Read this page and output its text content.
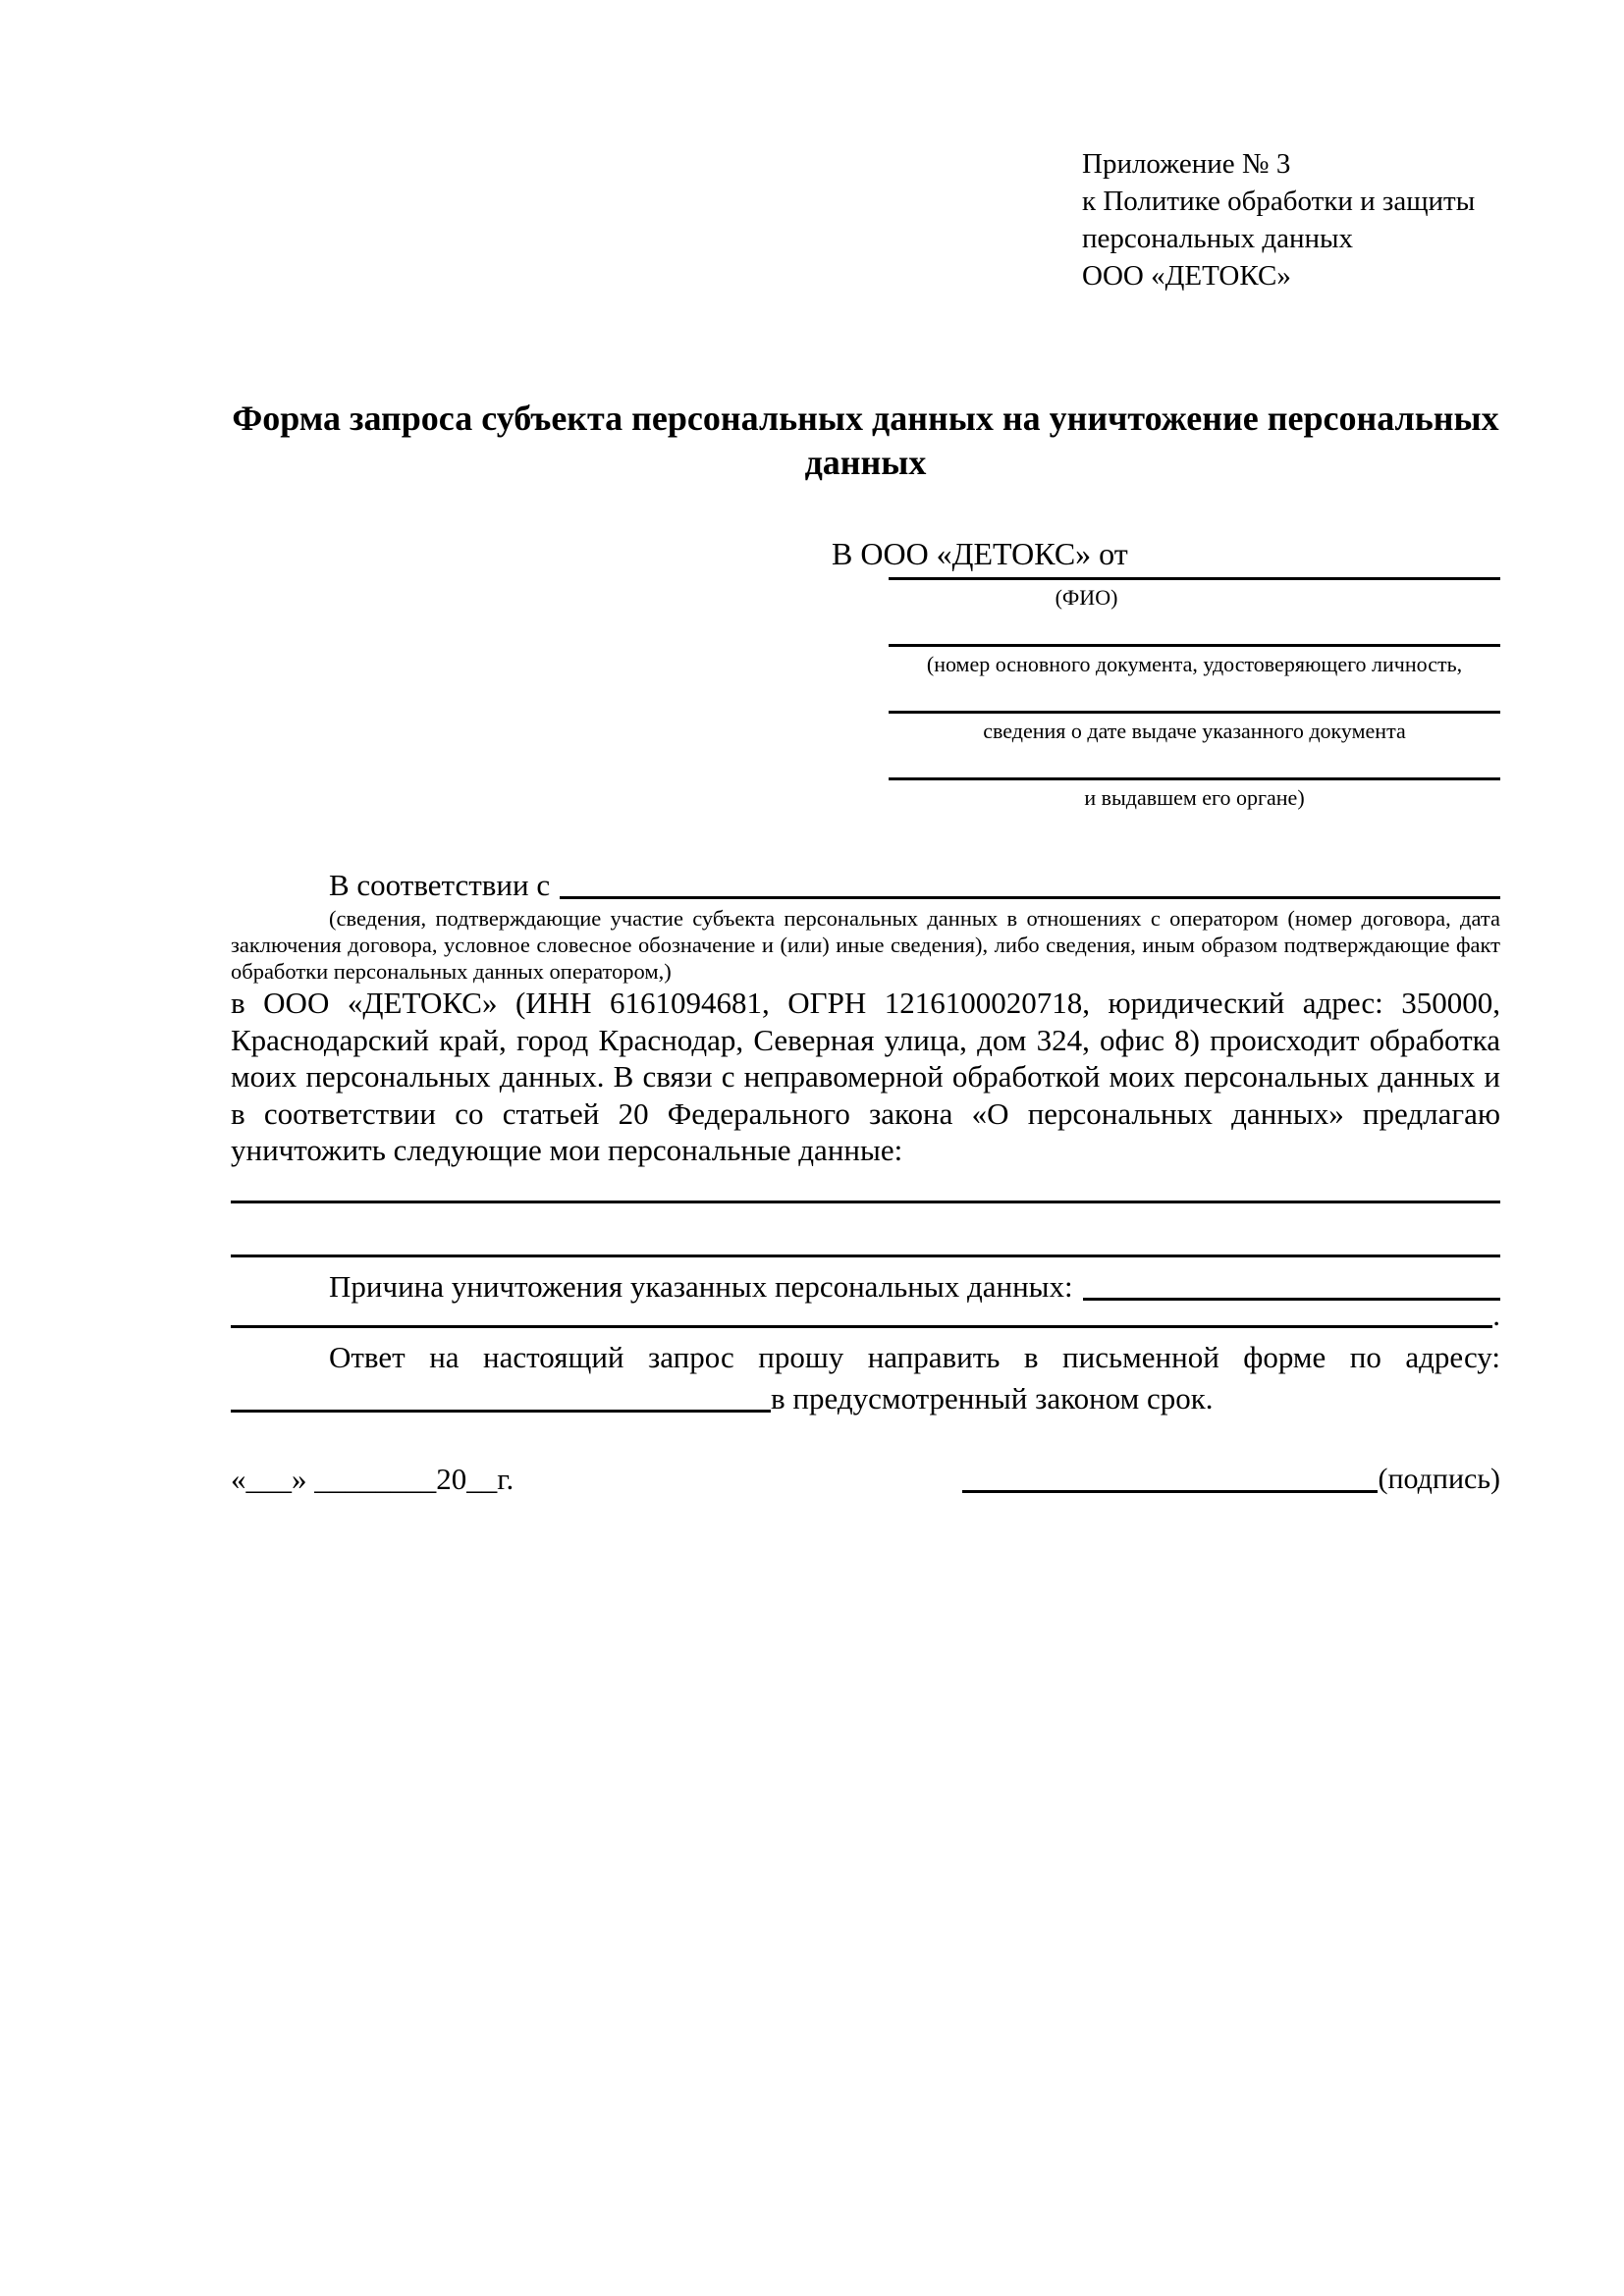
Приложение № 3
к Политике обработки и защиты
персональных данных
ООО «ДЕТОКС»
Форма запроса субъекта персональных данных на уничтожение персональных данных
В ООО «ДЕТОКС» от
(ФИО)
(номер основного документа, удостоверяющего личность,
сведения о дате выдаче указанного документа
и выдавшем его органе)
В соответствии с

(сведения, подтверждающие участие субъекта персональных данных в отношениях с оператором (номер договора, дата заключения договора, условное словесное обозначение и (или) иные сведения), либо сведения, иным образом подтверждающие факт обработки персональных данных оператором,)

в ООО «ДЕТОКС» (ИНН 6161094681, ОГРН 1216100020718, юридический адрес: 350000, Краснодарский край, город Краснодар, Северная улица, дом 324, офис 8) происходит обработка моих персональных данных. В связи с неправомерной обработкой моих персональных данных и в соответствии со статьей 20 Федерального закона «О персональных данных» предлагаю уничтожить следующие мои персональные данные:

Причина уничтожения указанных персональных данных:
.

Ответ на настоящий запрос прошу направить в письменной форме по адресу:

в предусмотренный законом срок.
«___» ________20__г.	(подпись)
